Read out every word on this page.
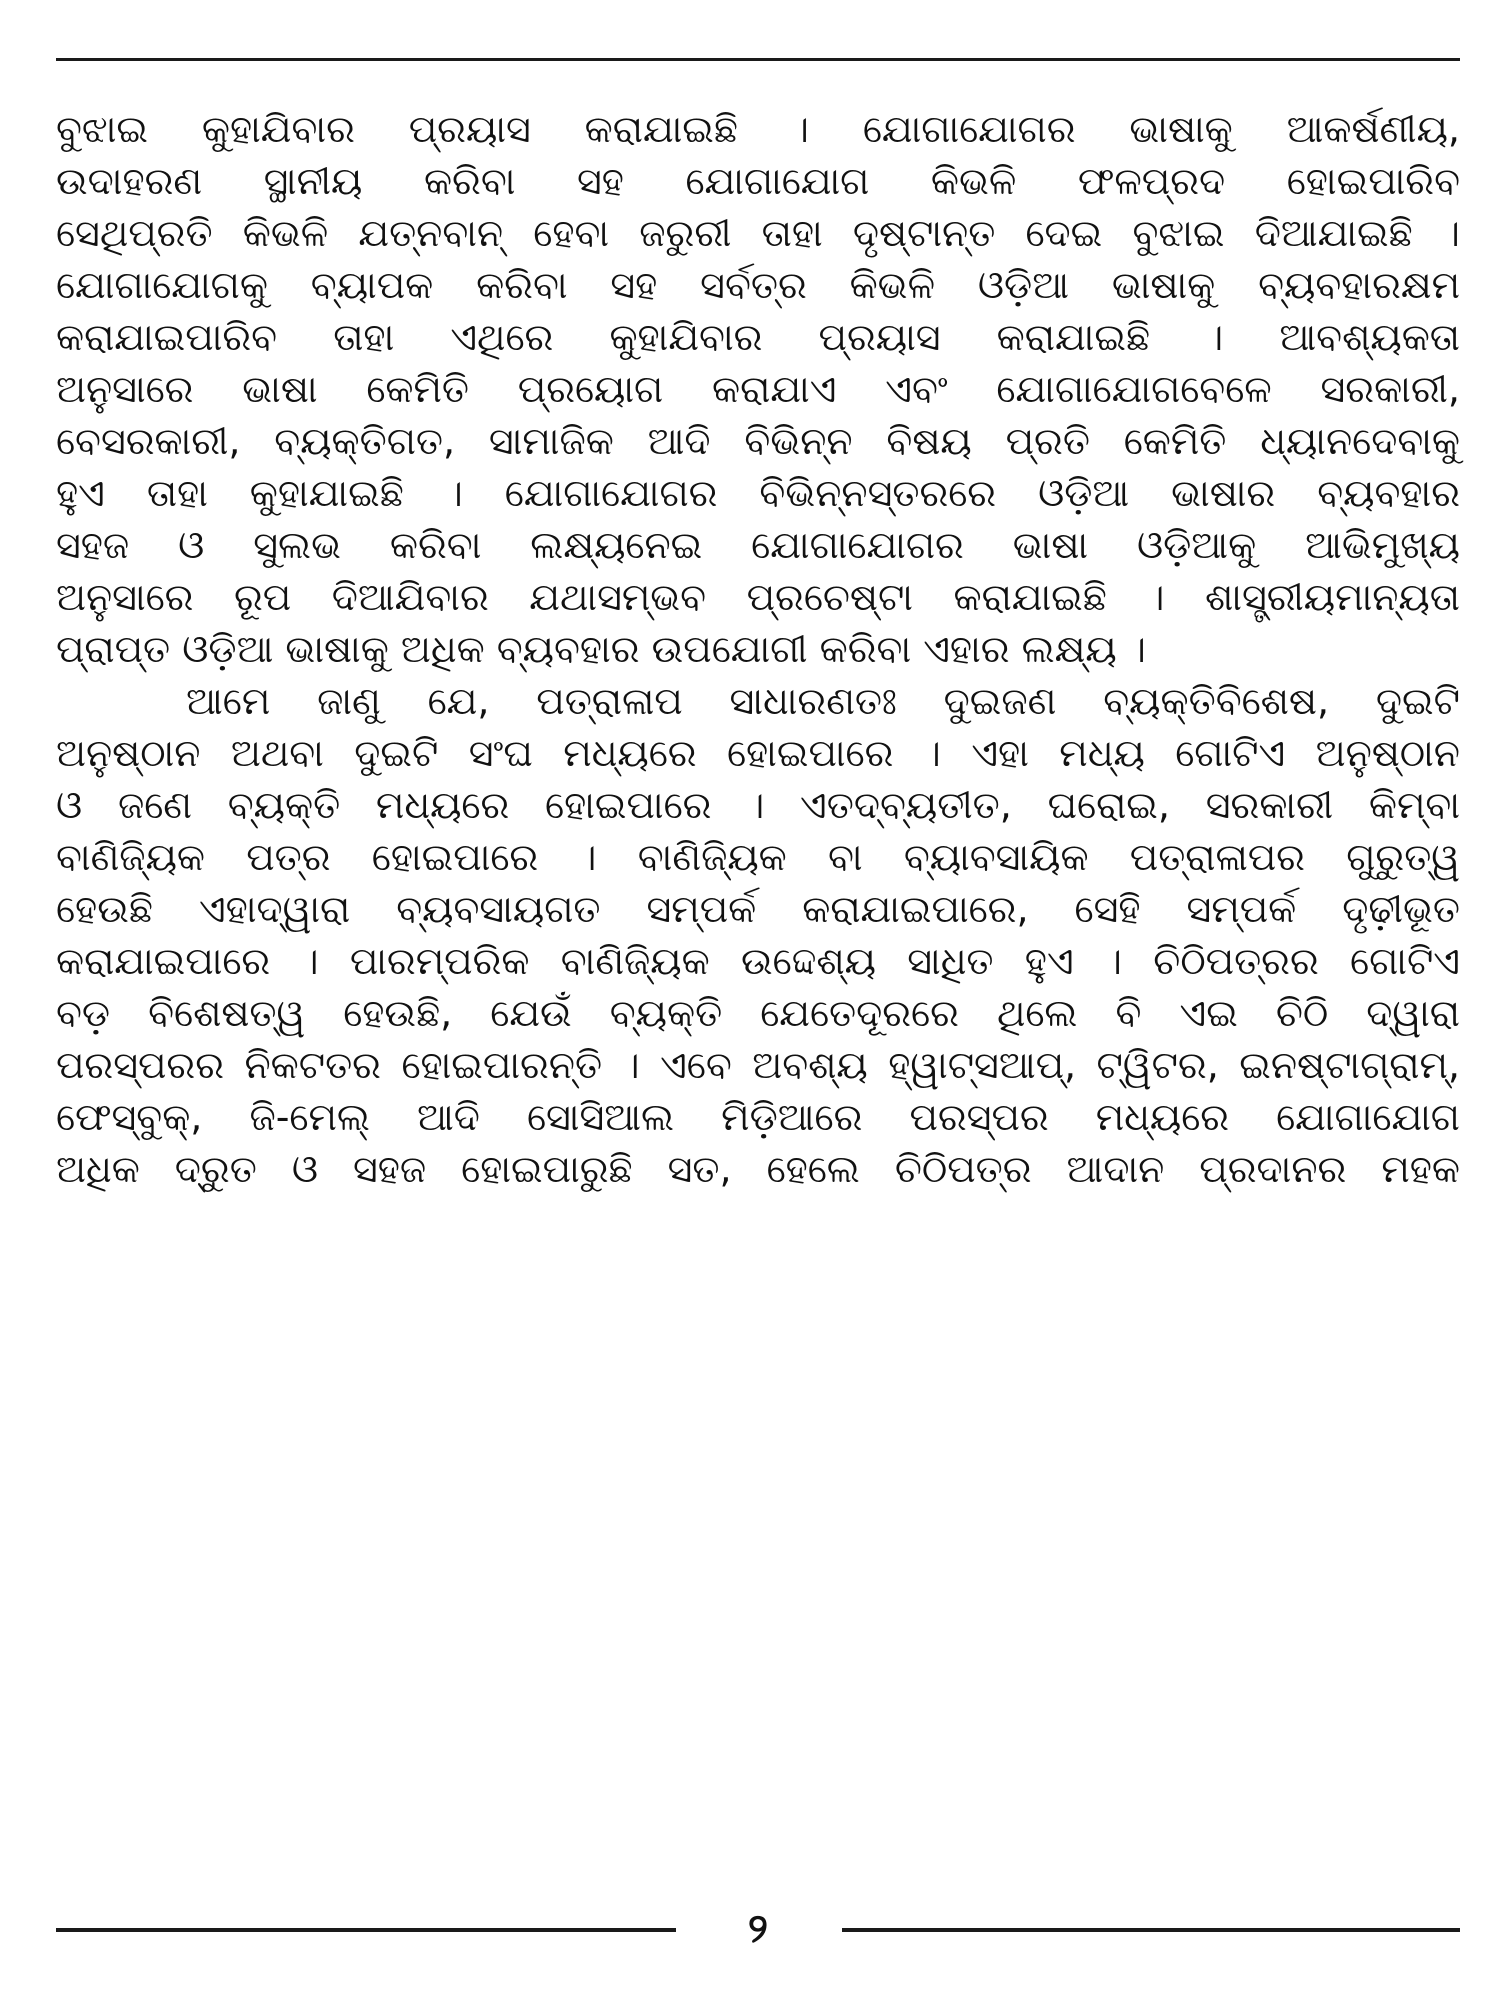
ବୁଝାଇ କୁହାଯିବାର ପ୍ରୟାସ କରାଯାଇଛି । ଯୋଗାଯୋଗର ଭାଷାକୁ ଆକର୍ଷଣୀୟ,
ଉଦାହରଣ ସ୍ଥାନୀୟ କରିବା ସହ ଯୋଗାଯୋଗ କିଭଳି ଫଳପ୍ରଦ ହୋଇପାରିବ
ସେଥିପ୍ରତି କିଭଳି ଯତ୍ନବାନ୍ ହେବା ଜରୁରୀ ତାହା ଦୃଷ୍ଟାନ୍ତ ଦେଇ ବୁଝାଇ ଦିଆଯାଇଛି ।
ଯୋଗାଯୋଗକୁ ବ୍ୟାପକ କରିବା ସହ ସର୍ବତ୍ର କିଭଳି ଓଡ଼ିଆ ଭାଷାକୁ ବ୍ୟବହାରକ୍ଷମ
କରାଯାଇପାରିବ ତାହା ଏଥିରେ କୁହାଯିବାର ପ୍ରୟାସ କରାଯାଇଛି । ଆବଶ୍ୟକତା
ଅନୁସାରେ ଭାଷା କେମିତି ପ୍ରୟୋଗ କରାଯାଏ ଏବଂ ଯୋଗାଯୋଗବେଳେ ସରକାରୀ,
ବେସରକାରୀ, ବ୍ୟକ୍ତିଗତ, ସାମାଜିକ ଆଦି ବିଭିନ୍ନ ବିଷୟ ପ୍ରତି କେମିତି ଧ୍ୟାନଦେବାକୁ
ହୁଏ ତାହା କୁହାଯାଇଛି । ଯୋଗାଯୋଗର ବିଭିନ୍ନସ୍ତରରେ ଓଡ଼ିଆ ଭାଷାର ବ୍ୟବହାର
ସହଜ ଓ ସୁଲଭ କରିବା ଲକ୍ଷ୍ୟନେଇ ଯୋଗାଯୋଗର ଭାଷା ଓଡ଼ିଆକୁ ଆଭିମୁଖ୍ୟ
ଅନୁସାରେ ରୂପ ଦିଆଯିବାର ଯଥାସମ୍ଭବ ପ୍ରଚେଷ୍ଟା କରାଯାଇଛି । ଶାସ୍ତ୍ରୀୟମାନ୍ୟତା
ପ୍ରାପ୍ତ ଓଡ଼ିଆ ଭାଷାକୁ ଅଧିକ ବ୍ୟବହାର ଉପଯୋଗୀ କରିବା ଏହାର ଲକ୍ଷ୍ୟ ।
ଆମେ ଜାଣୁ ଯେ, ପତ୍ରାଳାପ ସାଧାରଣତଃ ଦୁଇଜଣ ବ୍ୟକ୍ତିବିଶେଷ, ଦୁଇଟି
ଅନୁଷ୍ଠାନ ଅଥବା ଦୁଇଟି ସଂଘ ମଧ୍ୟରେ ହୋଇପାରେ । ଏହା ମଧ୍ୟ ଗୋଟିଏ ଅନୁଷ୍ଠାନ
ଓ ଜଣେ ବ୍ୟକ୍ତି ମଧ୍ୟରେ ହୋଇପାରେ । ଏତଦ୍‌ବ୍ୟତୀତ, ଘରୋଇ, ସରକାରୀ କିମ୍ବା
ବାଣିଜ୍ୟିକ ପତ୍ର ହୋଇପାରେ । ବାଣିଜ୍ୟିକ ବା ବ୍ୟାବସାୟିକ ପତ୍ରାଳାପର ଗୁରୁତ୍ୱ
ହେଉଛି ଏହାଦ୍ୱାରା ବ୍ୟବସାୟଗତ ସମ୍ପର୍କ କରାଯାଇପାରେ, ସେହି ସମ୍ପର୍କ ଦୃଢ଼ୀଭୂତ
କରାଯାଇପାରେ । ପାରମ୍ପରିକ ବାଣିଜ୍ୟିକ ଉଦ୍ଦେଶ୍ୟ ସାଧିତ ହୁଏ । ଚିଠିପତ୍ରର ଗୋଟିଏ
ବଡ଼ ବିଶେଷତ୍ୱ ହେଉଛି, ଯେଉଁ ବ୍ୟକ୍ତି ଯେତେଦୂରରେ ଥିଲେ ବି ଏଇ ଚିଠି ଦ୍ୱାରା
ପରସ୍ପରର ନିକଟତର ହୋଇପାରନ୍ତି । ଏବେ ଅବଶ୍ୟ ହ୍ୱାଟ୍‌ସଆପ୍, ଟ୍ୱିଟର, ଇନଷ୍ଟାଗ୍ରାମ୍,
ଫେସ୍‌ବୁକ୍, ଜି-ମେଲ୍ ଆଦି ସୋସିଆଲ ମିଡ଼ିଆରେ ପରସ୍ପର ମଧ୍ୟରେ ଯୋଗାଯୋଗ
ଅଧିକ ଦ୍ରୁତ ଓ ସହଜ ହୋଇପାରୁଛି ସତ, ହେଲେ ଚିଠିପତ୍ର ଆଦାନ ପ୍ରଦାନର ମହକ
୨
